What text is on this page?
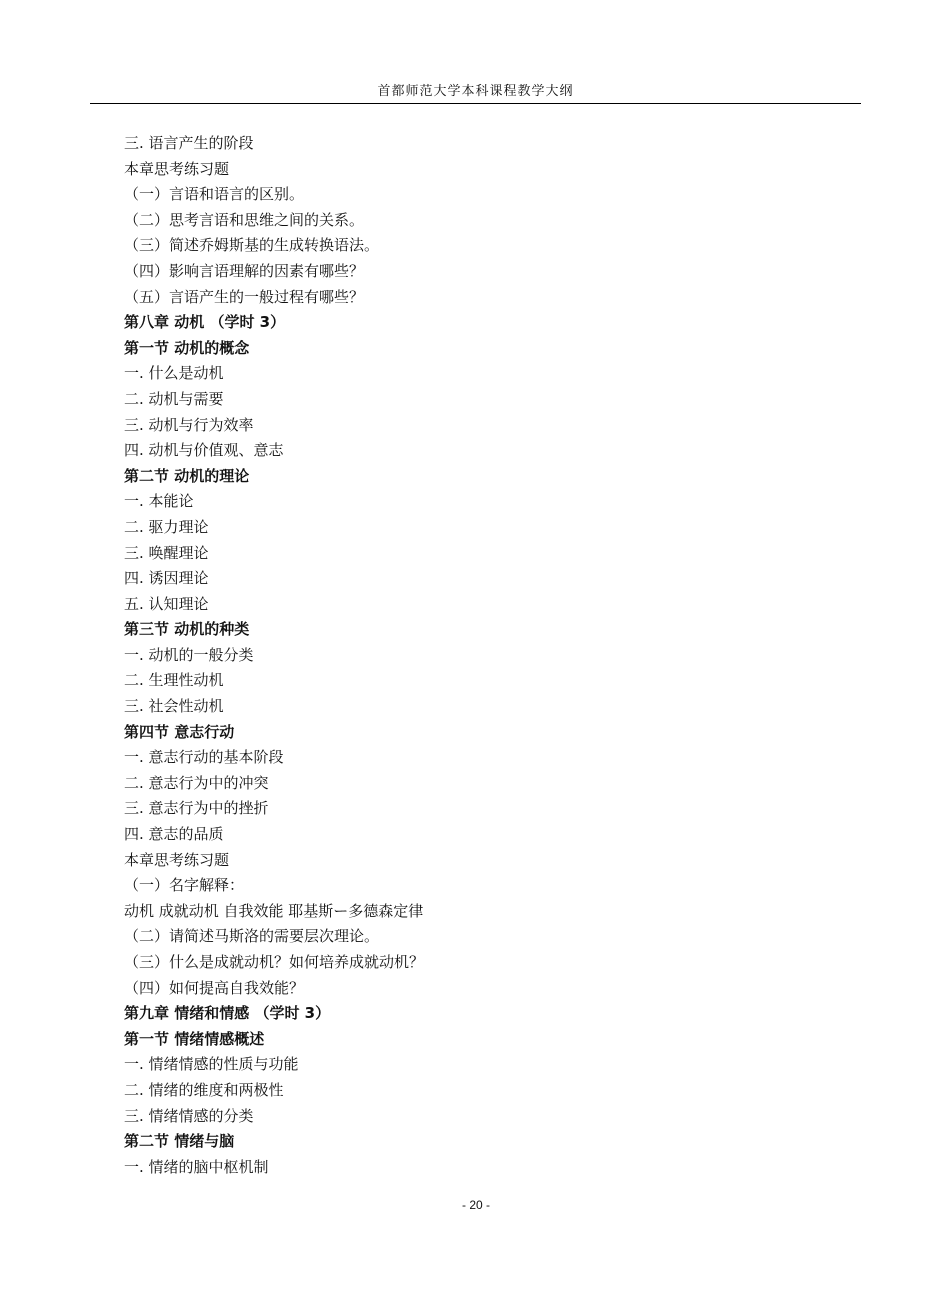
首都师范大学本科课程教学大纲
三. 语言产生的阶段
本章思考练习题
（一）言语和语言的区别。
（二）思考言语和思维之间的关系。
（三）简述乔姆斯基的生成转换语法。
（四）影响言语理解的因素有哪些？
（五）言语产生的一般过程有哪些？
第八章 动机 （学时 3）
第一节 动机的概念
一. 什么是动机
二. 动机与需要
三. 动机与行为效率
四. 动机与价值观、意志
第二节 动机的理论
一. 本能论
二. 驱力理论
三. 唤醒理论
四. 诱因理论
五. 认知理论
第三节 动机的种类
一. 动机的一般分类
二. 生理性动机
三. 社会性动机
第四节 意志行动
一. 意志行动的基本阶段
二. 意志行为中的冲突
三. 意志行为中的挫折
四. 意志的品质
本章思考练习题
（一）名字解释：
动机 成就动机 自我效能 耶基斯ー多德森定律
（二）请简述马斯洛的需要层次理论。
（三）什么是成就动机？如何培养成就动机？
（四）如何提高自我效能？
第九章 情绪和情感 （学时 3）
第一节 情绪情感概述
一. 情绪情感的性质与功能
二. 情绪的维度和两极性
三. 情绪情感的分类
第二节 情绪与脑
一. 情绪的脑中枢机制
- 20 -
